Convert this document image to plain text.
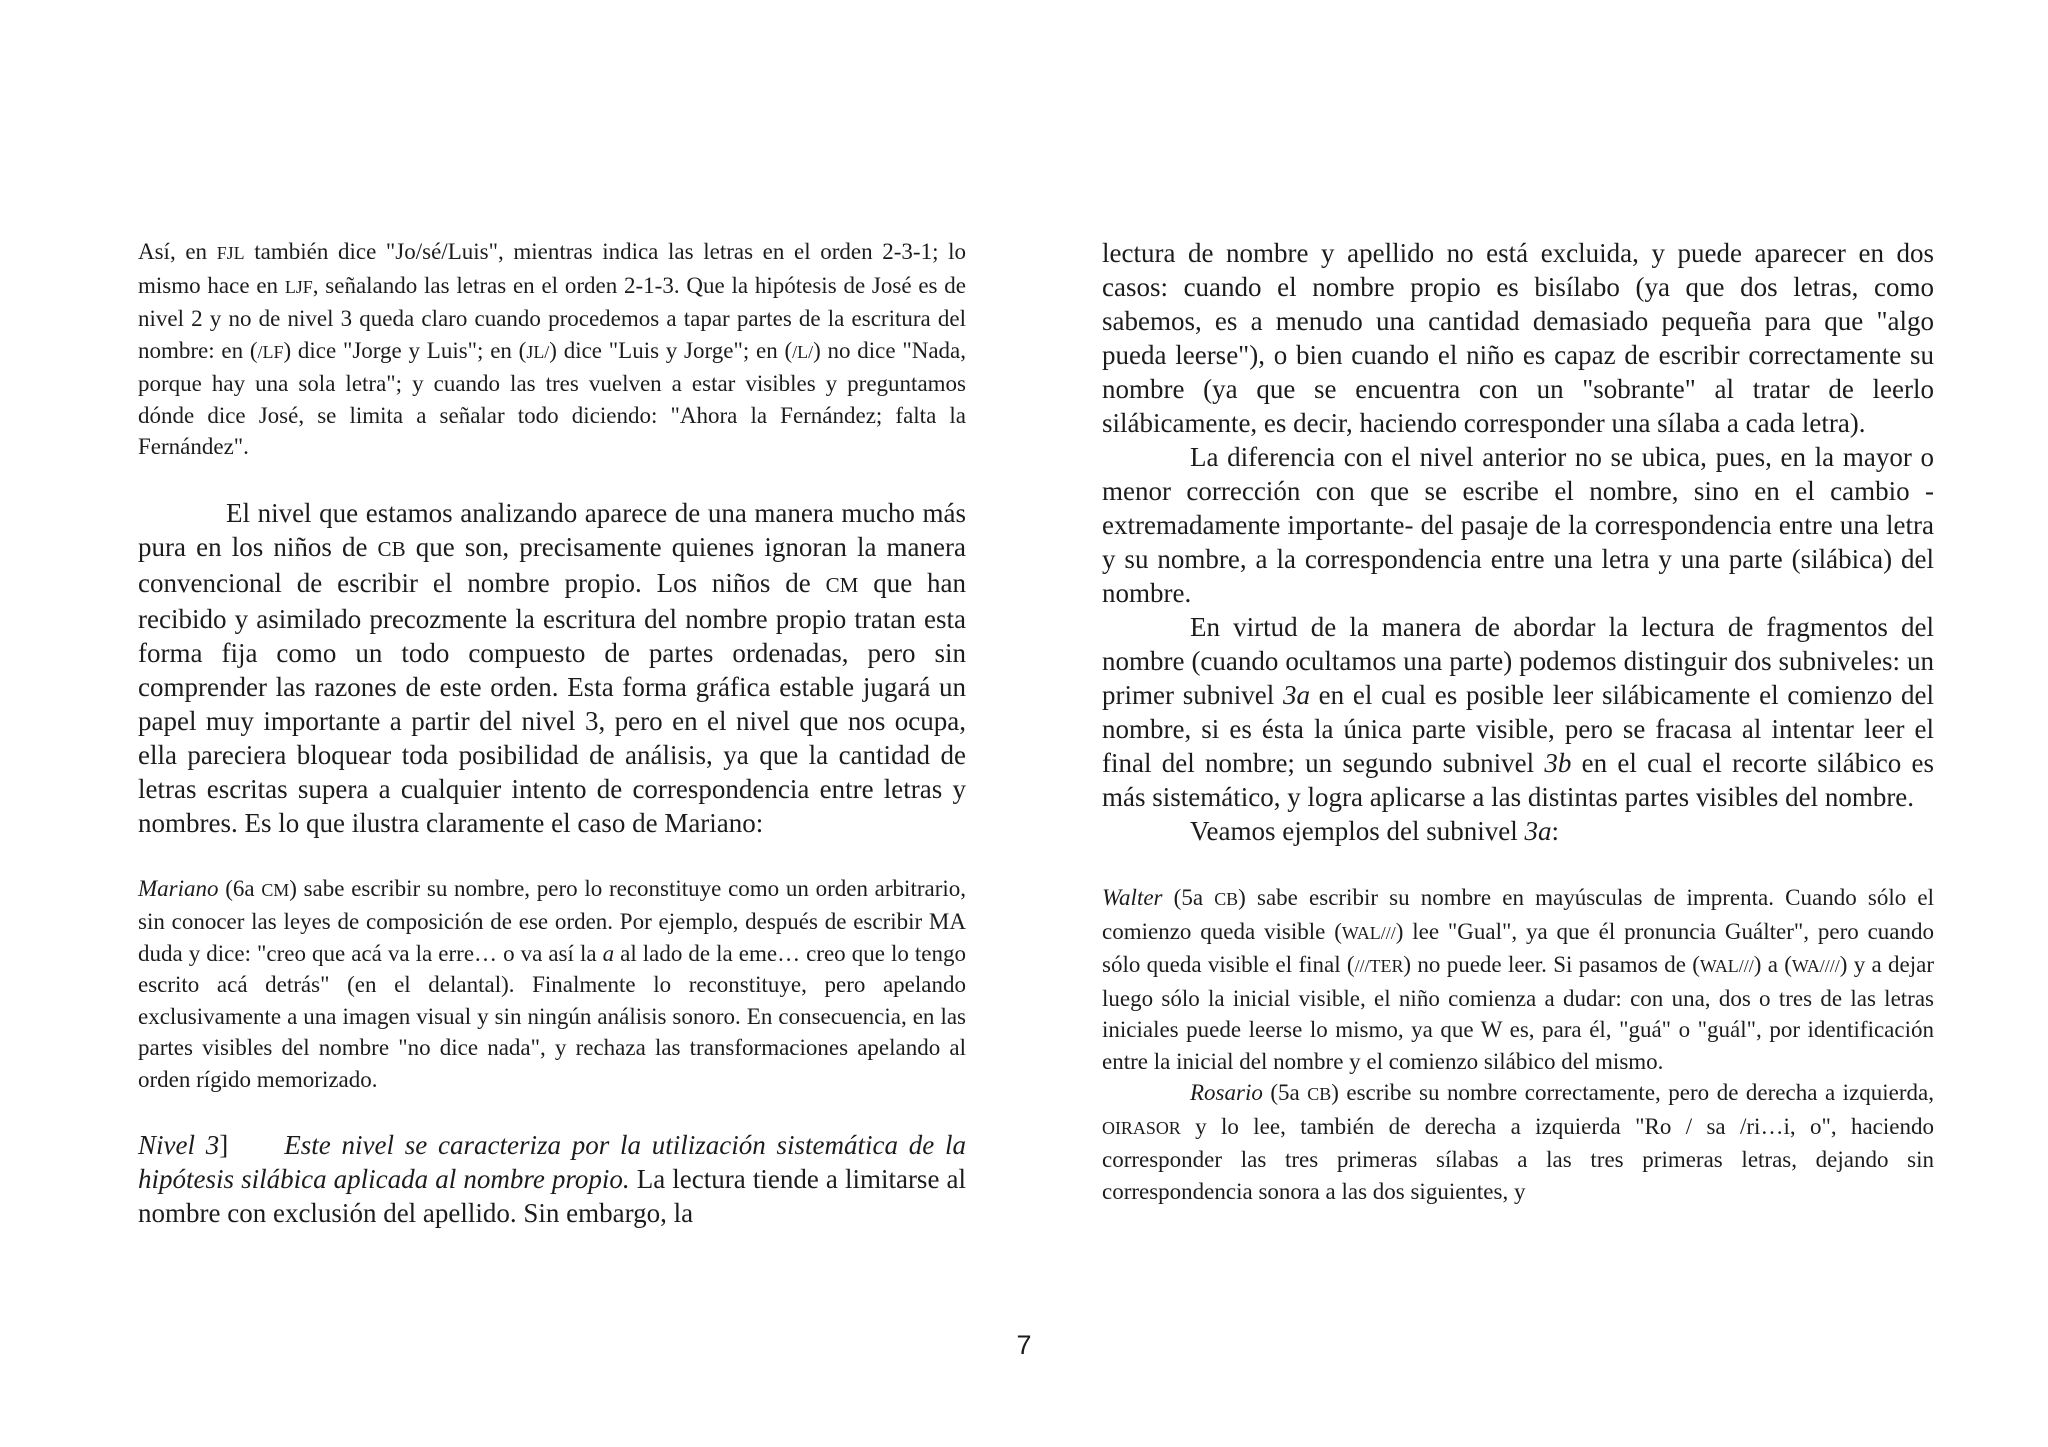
Así, en FJL también dice "Jo/sé/Luis", mientras indica las letras en el orden 2-3-1; lo mismo hace en LJF, señalando las letras en el orden 2-1-3. Que la hipótesis de José es de nivel 2 y no de nivel 3 queda claro cuando procedemos a tapar partes de la escritura del nombre: en (/LF) dice "Jorge y Luis"; en (JL/) dice "Luis y Jorge"; en (/L/) no dice "Nada, porque hay una sola letra"; y cuando las tres vuelven a estar visibles y preguntamos dónde dice José, se limita a señalar todo diciendo: "Ahora la Fernández; falta la Fernández".

El nivel que estamos analizando aparece de una manera mucho más pura en los niños de CB que son, precisamente quienes ignoran la manera convencional de escribir el nombre propio. Los niños de CM que han recibido y asimilado precozmente la escritura del nombre propio tratan esta forma fija como un todo compuesto de partes ordenadas, pero sin comprender las razones de este orden. Esta forma gráfica estable jugará un papel muy importante a partir del nivel 3, pero en el nivel que nos ocupa, ella pareciera bloquear toda posibilidad de análisis, ya que la cantidad de letras escritas supera a cualquier intento de correspondencia entre letras y nombres. Es lo que ilustra claramente el caso de Mariano:

Mariano (6a CM) sabe escribir su nombre, pero lo reconstituye como un orden arbitrario, sin conocer las leyes de composición de ese orden. Por ejemplo, después de escribir MA duda y dice: "creo que acá va la erre… o va así la a al lado de la eme… creo que lo tengo escrito acá detrás" (en el delantal). Finalmente lo reconstituye, pero apelando exclusivamente a una imagen visual y sin ningún análisis sonoro. En consecuencia, en las partes visibles del nombre "no dice nada", y rechaza las transformaciones apelando al orden rígido memorizado.

Nivel 3] Este nivel se caracteriza por la utilización sistemática de la hipótesis silábica aplicada al nombre propio. La lectura tiende a limitarse al nombre con exclusión del apellido. Sin embargo, la

lectura de nombre y apellido no está excluida, y puede aparecer en dos casos: cuando el nombre propio es bisílabo (ya que dos letras, como sabemos, es a menudo una cantidad demasiado pequeña para que "algo pueda leerse"), o bien cuando el niño es capaz de escribir correctamente su nombre (ya que se encuentra con un "sobrante" al tratar de leerlo silábicamente, es decir, haciendo corresponder una sílaba a cada letra).

La diferencia con el nivel anterior no se ubica, pues, en la mayor o menor corrección con que se escribe el nombre, sino en el cambio -extremadamente importante- del pasaje de la correspondencia entre una letra y su nombre, a la correspondencia entre una letra y una parte (silábica) del nombre.

En virtud de la manera de abordar la lectura de fragmentos del nombre (cuando ocultamos una parte) podemos distinguir dos subniveles: un primer subnivel 3a en el cual es posible leer silábicamente el comienzo del nombre, si es ésta la única parte visible, pero se fracasa al intentar leer el final del nombre; un segundo subnivel 3b en el cual el recorte silábico es más sistemático, y logra aplicarse a las distintas partes visibles del nombre.

Veamos ejemplos del subnivel 3a:

Walter (5a CB) sabe escribir su nombre en mayúsculas de imprenta. Cuando sólo el comienzo queda visible (WAL///) lee "Gual", ya que él pronuncia Guálter", pero cuando sólo queda visible el final (///TER) no puede leer. Si pasamos de (WAL///) a (WA////) y a dejar luego sólo la inicial visible, el niño comienza a dudar: con una, dos o tres de las letras iniciales puede leerse lo mismo, ya que W es, para él, "guá" o "guál", por identificación entre la inicial del nombre y el comienzo silábico del mismo.

Rosario (5a CB) escribe su nombre correctamente, pero de derecha a izquierda, OIRASOR y lo lee, también de derecha a izquierda "Ro / sa /ri…i, o", haciendo corresponder las tres primeras sílabas a las tres primeras letras, dejando sin correspondencia sonora a las dos siguientes, y

7
